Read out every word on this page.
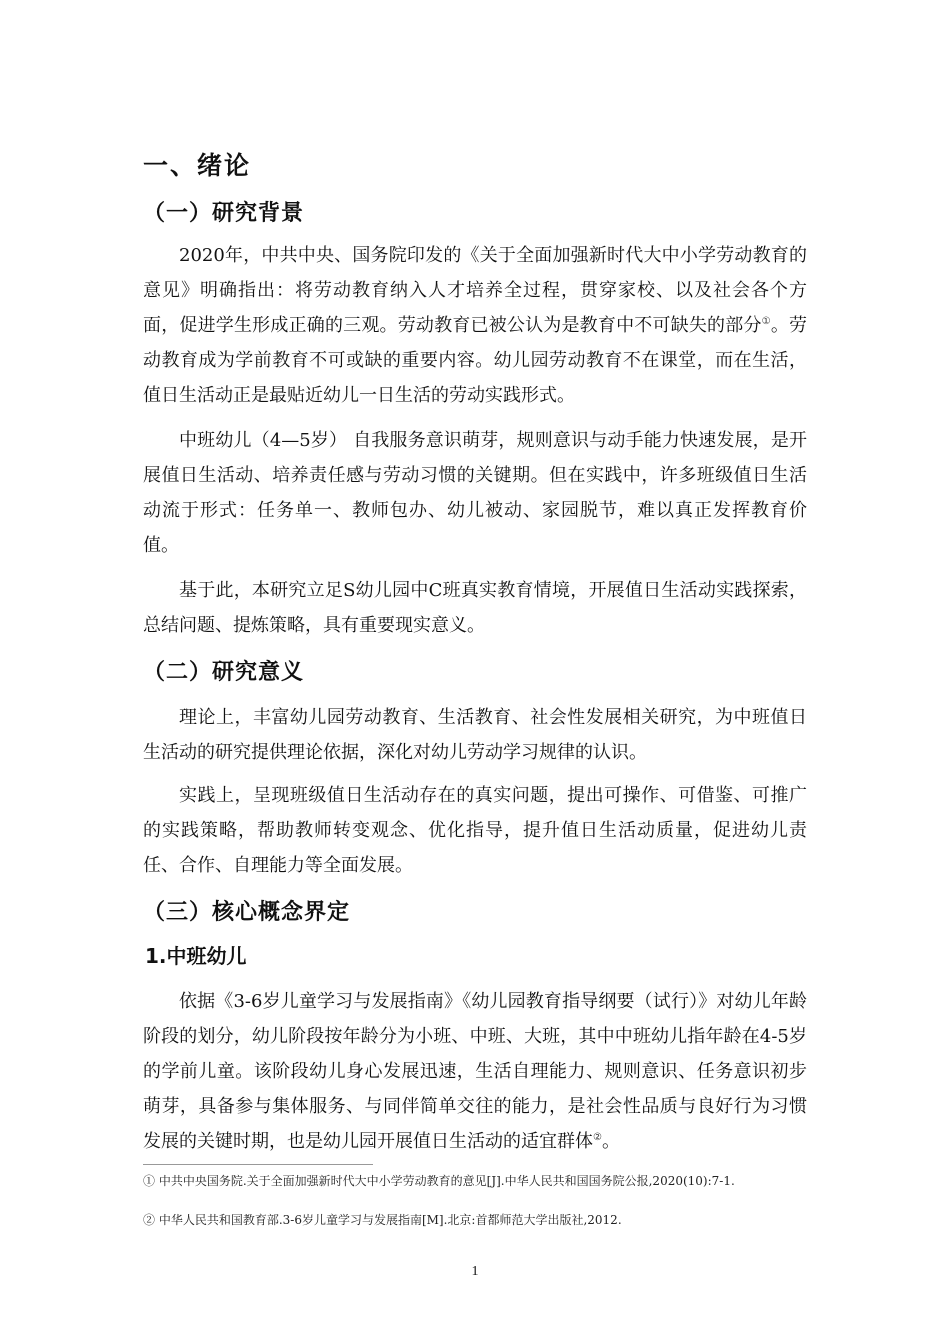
一、绪论
（一）研究背景

2020年，中共中央、国务院印发的《关于全面加强新时代大中小学劳动教育的意见》明确指出：将劳动教育纳入人才培养全过程，贯穿家校、以及社会各个方面，促进学生形成正确的三观。劳动教育已被公认为是教育中不可缺失的部分①。劳动教育成为学前教育不可或缺的重要内容。幼儿园劳动教育不在课堂，而在生活，值日生活动正是最贴近幼儿一日生活的劳动实践形式。

中班幼儿（4—5岁） 自我服务意识萌芽，规则意识与动手能力快速发展，是开展值日生活动、培养责任感与劳动习惯的关键期。但在实践中，许多班级值日生活动流于形式：任务单一、教师包办、幼儿被动、家园脱节，难以真正发挥教育价值。

基于此，本研究立足S幼儿园中C班真实教育情境，开展值日生活动实践探索，总结问题、提炼策略，具有重要现实意义。

（二）研究意义

理论上，丰富幼儿园劳动教育、生活教育、社会性发展相关研究，为中班值日生活动的研究提供理论依据，深化对幼儿劳动学习规律的认识。

实践上，呈现班级值日生活动存在的真实问题，提出可操作、可借鉴、可推广的实践策略，帮助教师转变观念、优化指导，提升值日生活动质量，促进幼儿责任、合作、自理能力等全面发展。

（三）核心概念界定
1.中班幼儿

依据《3-6岁儿童学习与发展指南》《幼儿园教育指导纲要（试行）》对幼儿年龄阶段的划分，幼儿阶段按年龄分为小班、中班、大班，其中中班幼儿指年龄在4-5岁的学前儿童。该阶段幼儿身心发展迅速，生活自理能力、规则意识、任务意识初步萌芽，具备参与集体服务、与同伴简单交往的能力，是社会性品质与良好行为习惯发展的关键时期，也是幼儿园开展值日生活动的适宜群体②。

① 中共中央国务院.关于全面加强新时代大中小学劳动教育的意见[J].中华人民共和国国务院公报,2020(10):7-1.
② 中华人民共和国教育部.3-6岁儿童学习与发展指南[M].北京:首都师范大学出版社,2012.
1
